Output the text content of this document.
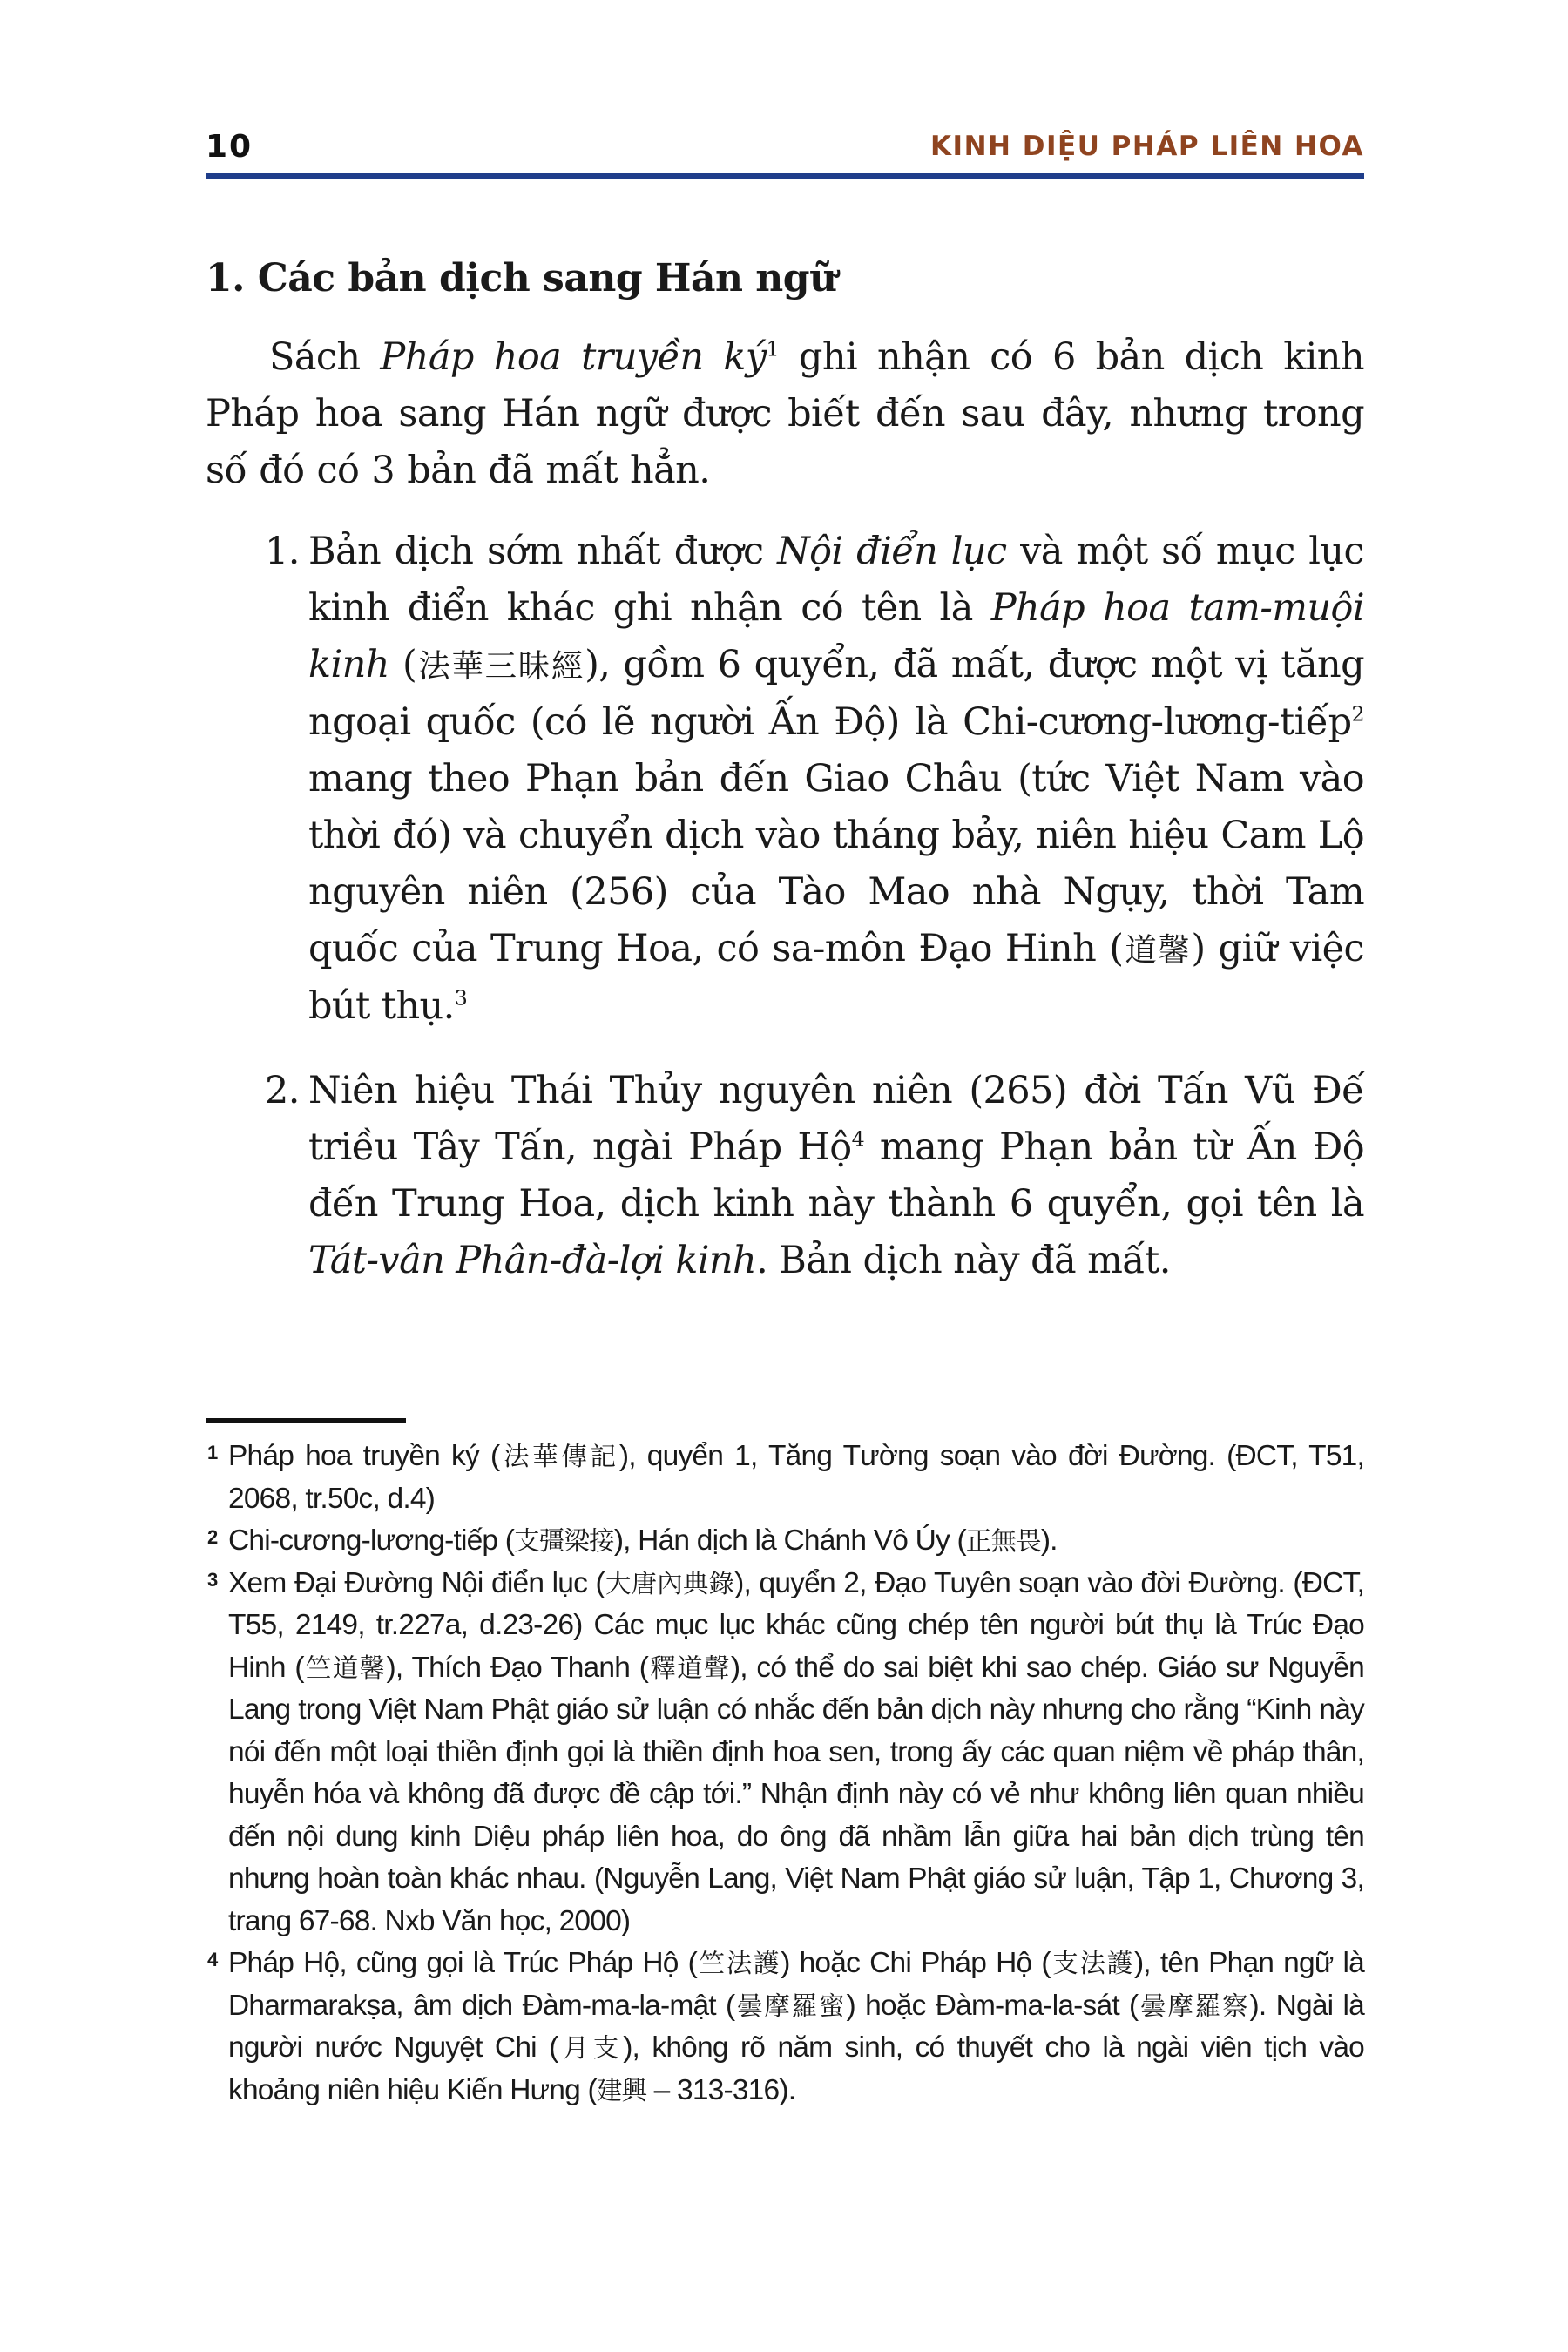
10	KINH DIỆU PHÁP LIÊN HOA
1. Các bản dịch sang Hán ngữ

Sách Pháp hoa truyền $ký^1$ ghi nhận có 6 bản dịch kinh Pháp hoa sang Hán ngữ được biết đến sau đây, nhưng trong số đó có 3 bản đã mất hẳn.

1. Bản dịch sớm nhất được Nội điển lục và một số mục lục kinh điển khác ghi nhận có tên là Pháp hoa tam-muội kinh (法華三昧經), gồm 6 quyển, đã mất, được một vị tăng ngoại quốc (có lẽ người Ấn Độ) là Chi-cương-lương-tiếp$^2$ mang theo Phạn bản đến Giao Châu (tức Việt Nam vào thời đó) và chuyển dịch vào tháng bảy, niên hiệu Cam Lộ nguyên niên (256) của Tào Mao nhà Ngụy, thời Tam quốc của Trung Hoa, có sa-môn Đạo Hinh (道馨) giữ việc bút thụ.$^3$
2. Niên hiệu Thái Thủy nguyên niên (265) đời Tấn Vũ Đế triều Tây Tấn, ngài Pháp Hộ$^4$ mang Phạn bản từ Ấn Độ đến Trung Hoa, dịch kinh này thành 6 quyển, gọi tên là Tát-vân Phân-đà-lợi kinh. Bản dịch này đã mất.

1 Pháp hoa truyền ký (法華傳記), quyển 1, Tăng Tường soạn vào đời Đường. (ĐCT, T51, 2068, tr.50c, d.4)

2 Chi-cương-lương-tiếp (支彊梁接), Hán dịch là Chánh Vô Úy (正無畏).

3 Xem Đại Đường Nội điển lục (大唐內典錄), quyển 2, Đạo Tuyên soạn vào đời Đường. (ĐCT, T55, 2149, tr.227a, d.23-26) Các mục lục khác cũng chép tên người bút thụ là Trúc Đạo Hinh (竺道馨), Thích Đạo Thanh (釋道聲), có thể do sai biệt khi sao chép. Giáo sư Nguyễn Lang trong Việt Nam Phật giáo sử luận có nhắc đến bản dịch này nhưng cho rằng “Kinh này nói đến một loại thiền định gọi là thiền định hoa sen, trong ấy các quan niệm về pháp thân, huyễn hóa và không đã được đề cập tới.” Nhận định này có vẻ như không liên quan nhiều đến nội dung kinh Diệu pháp liên hoa, do ông đã nhầm lẫn giữa hai bản dịch trùng tên nhưng hoàn toàn khác nhau. (Nguyễn Lang, Việt Nam Phật giáo sử luận, Tập 1, Chương 3, trang 67-68. Nxb Văn học, 2000)

4 Pháp Hộ, cũng gọi là Trúc Pháp Hộ (竺法護) hoặc Chi Pháp Hộ (支法護), tên Phạn ngữ là Dharmarakṣa, âm dịch Đàm-ma-la-mật (曇摩羅蜜) hoặc Đàm-ma-la-sát (曇摩羅察). Ngài là người nước Nguyệt Chi (月支), không rõ năm sinh, có thuyết cho là ngài viên tịch vào khoảng niên hiệu Kiến Hưng (建興 – 313-316).
